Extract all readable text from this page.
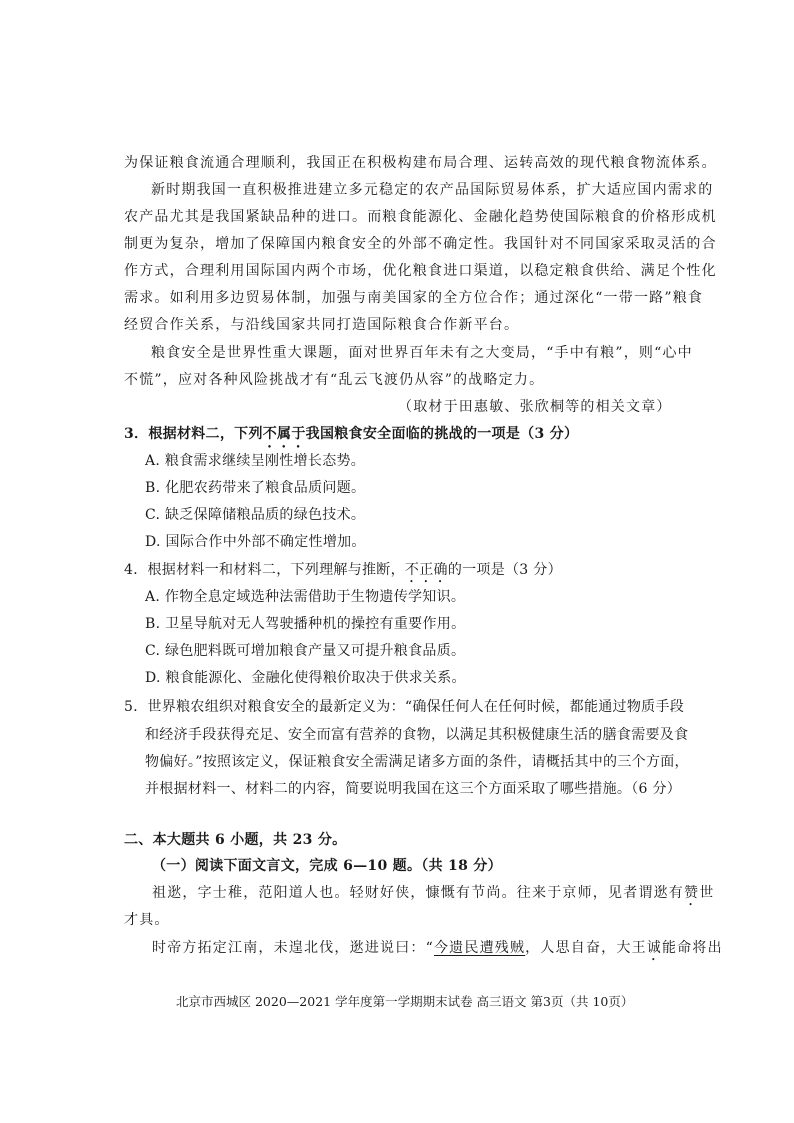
为保证粮食流通合理顺利，我国正在积极构建布局合理、运转高效的现代粮食物流体系。
新时期我国一直积极推进建立多元稳定的农产品国际贸易体系，扩大适应国内需求的
农产品尤其是我国紧缺品种的进口。而粮食能源化、金融化趋势使国际粮食的价格形成机
制更为复杂，增加了保障国内粮食安全的外部不确定性。我国针对不同国家采取灵活的合
作方式，合理利用国际国内两个市场，优化粮食进口渠道，以稳定粮食供给、满足个性化
需求。如利用多边贸易体制，加强与南美国家的全方位合作；通过深化“一带一路”粮食
经贸合作关系，与沿线国家共同打造国际粮食合作新平台。
粮食安全是世界性重大课题，面对世界百年未有之大变局，“手中有粮”，则“心中
不慌”，应对各种风险挑战才有“乱云飞渡仍从容”的战略定力。
（取材于田惠敏、张欣桐等的相关文章）
3．根据材料二，下列不属于我国粮食安全面临的挑战的一项是（3 分）
A. 粮食需求继续呈刚性增长态势。
B. 化肥农药带来了粮食品质问题。
C. 缺乏保障储粮品质的绿色技术。
D. 国际合作中外部不确定性增加。
4．根据材料一和材料二，下列理解与推断，不正确的一项是（3 分）
A. 作物全息定域选种法需借助于生物遗传学知识。
B. 卫星导航对无人驾驶播种机的操控有重要作用。
C. 绿色肥料既可增加粮食产量又可提升粮食品质。
D. 粮食能源化、金融化使得粮价取决于供求关系。
5．世界粮农组织对粮食安全的最新定义为：“确保任何人在任何时候，都能通过物质手段
和经济手段获得充足、安全而富有营养的食物，以满足其积极健康生活的膳食需要及食
物偏好。”按照该定义，保证粮食安全需满足诸多方面的条件，请概括其中的三个方面，
并根据材料一、材料二的内容，简要说明我国在这三个方面采取了哪些措施。（6 分）
二、本大题共 6 小题，共 23 分。
（一）阅读下面文言文，完成 6—10 题。（共 18 分）
祖逖，字士稚，范阳道人也。轻财好侠，慷慨有节尚。往来于京师，见者谓逖有赞世
才具。
时帝方拓定江南，未遑北伐，逖进说曰：“今遗民遭残贼，人思自奋，大王诚能命将出
北京市西城区 2020—2021 学年度第一学期期末试卷 高三语文 第3页（共 10页）
